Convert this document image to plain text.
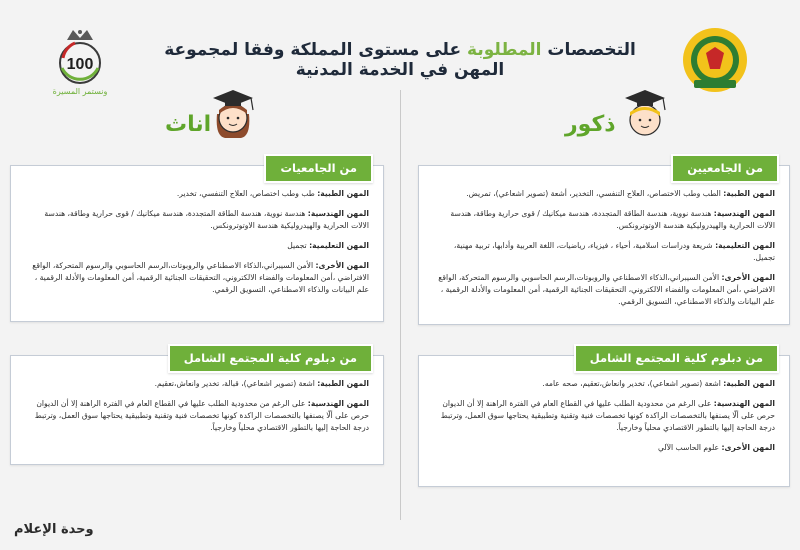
التخصصات المطلوبة على مستوى المملكة وفقا لمجموعة المهن في الخدمة المدنية
100
ونستمر المسيرة
اناث	ذكور
من الجامعيات
المهن الطبية: طب وطب اختصاص، العلاج التنفسي، تخدير.
المهن الهندسية: هندسة نووية، هندسة الطاقة المتجددة، هندسة ميكانيك / قوى حرارية وطاقة، هندسة الالات الحرارية والهيدروليكية هندسة الاوتوترونكس.
المهن التعليمية: تجميل
المهن الأخرى: الأمن السيبراني،الذكاء الاصطناعي والروبوتات،الرسم الحاسوبي والرسوم المتحركة، الواقع الافتراضي ،أمن المعلومات والفضاء الالكتروني، التحقيقات الجنائية الرقمية، أمن المعلومات والأدلة الرقمية ، علم البيانات والذكاء الاصطناعي، التسويق الرقمي.
من الجامعيين
المهن الطبية: الطب وطب الاختصاص، العلاج التنفسي، التخدير، أشعة (تصوير اشعاعي)، تمريض.
المهن الهندسية: هندسة نووية، هندسة الطاقة المتجددة، هندسة ميكانيك / قوى حرارية وطاقة، هندسة الآلات الحرارية والهيدروليكية هندسة الاوتوترونكس.
المهن التعليمية: شريعة ودراسات اسلامية، أحياء ، فيزياء، رياضيات، اللغة العربية وأدابها، تربية مهنية، تجميل.
المهن الأخرى: الأمن السيبراني،الذكاء الاصطناعي والروبوتات،الرسم الحاسوبي والرسوم المتحركة، الواقع الافتراضي ،أمن المعلومات والفضاء الالكتروني، التحقيقات الجنائية الرقمية، أمن المعلومات والأدلة الرقمية ، علم البيانات والذكاء الاصطناعي، التسويق الرقمي.
من دبلوم كلية المجتمع الشامل
المهن الطبية: اشعة (تصوير اشعاعي)، قبالة، تخدير وانعاش،تعقيم.
المهن الهندسية: على الرغم من محدودية الطلب عليها في القطاع العام في الفترة الراهنة إلا أن الديوان حرص على ألّا يصنفها بالتخصصات الراكدة كونها تخصصات فنية وتقنية وتطبيقية يحتاجها سوق العمل، وترتبط درجة الحاجة إليها بالتطور الاقتصادي محلياً وخارجياً.
من دبلوم كلية المجتمع الشامل
المهن الطبية: اشعة (تصوير اشعاعي)، تخدير وانعاش،تعقيم، صحه عامه.
المهن الهندسية: على الرغم من محدودية الطلب عليها في القطاع العام في الفترة الراهنة إلا أن الديوان حرص على ألّا يصنفها بالتخصصات الراكدة كونها تخصصات فنية وتقنية وتطبيقية يحتاجها سوق العمل، وترتبط درجة الحاجة إليها بالتطور الاقتصادي محلياً وخارجياً.
المهن الأخرى: علوم الحاسب الآلي
وحدة الإعلام
